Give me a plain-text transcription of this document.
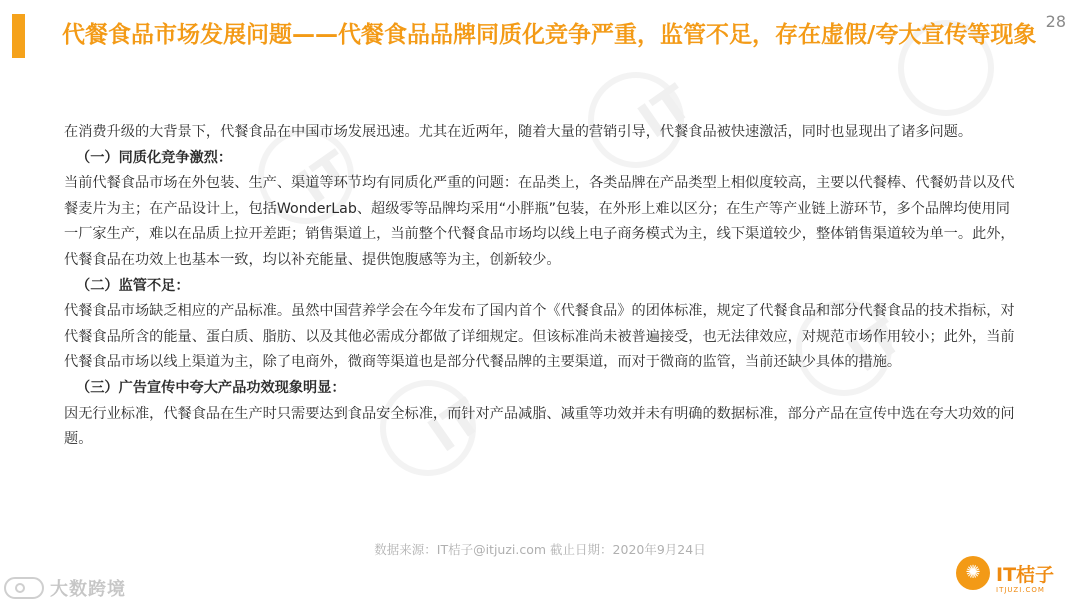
IT
IT
IT
IT
代餐食品市场发展问题——代餐食品品牌同质化竞争严重，监管不足，存在虚假/夸大宣传等现象
28

在消费升级的大背景下，代餐食品在中国市场发展迅速。尤其在近两年，随着大量的营销引导，代餐食品被快速激活，同时也显现出了诸多问题。

（一）同质化竞争激烈：

当前代餐食品市场在外包装、生产、渠道等环节均有同质化严重的问题：在品类上，各类品牌在产品类型上相似度较高，主要以代餐棒、代餐奶昔以及代餐麦片为主；在产品设计上，包括WonderLab、超级零等品牌均采用“小胖瓶”包装，在外形上难以区分；在生产等产业链上游环节，多个品牌均使用同一厂家生产，难以在品质上拉开差距；销售渠道上，当前整个代餐食品市场均以线上电子商务模式为主，线下渠道较少，整体销售渠道较为单一。此外，代餐食品在功效上也基本一致，均以补充能量、提供饱腹感等为主，创新较少。

（二）监管不足：

代餐食品市场缺乏相应的产品标准。虽然中国营养学会在今年发布了国内首个《代餐食品》的团体标准，规定了代餐食品和部分代餐食品的技术指标，对代餐食品所含的能量、蛋白质、脂肪、以及其他必需成分都做了详细规定。但该标准尚未被普遍接受，也无法律效应，对规范市场作用较小；此外，当前代餐食品市场以线上渠道为主，除了电商外，微商等渠道也是部分代餐品牌的主要渠道，而对于微商的监管，当前还缺少具体的措施。

（三）广告宣传中夸大产品功效现象明显：

因无行业标准，代餐食品在生产时只需要达到食品安全标准，而针对产品减脂、减重等功效并未有明确的数据标准，部分产品在宣传中选在夸大功效的问题。

数据来源：IT桔子@itjuzi.com 截止日期：2020年9月24日
大数跨境
✺ IT桔子
ITJUZI.COM
